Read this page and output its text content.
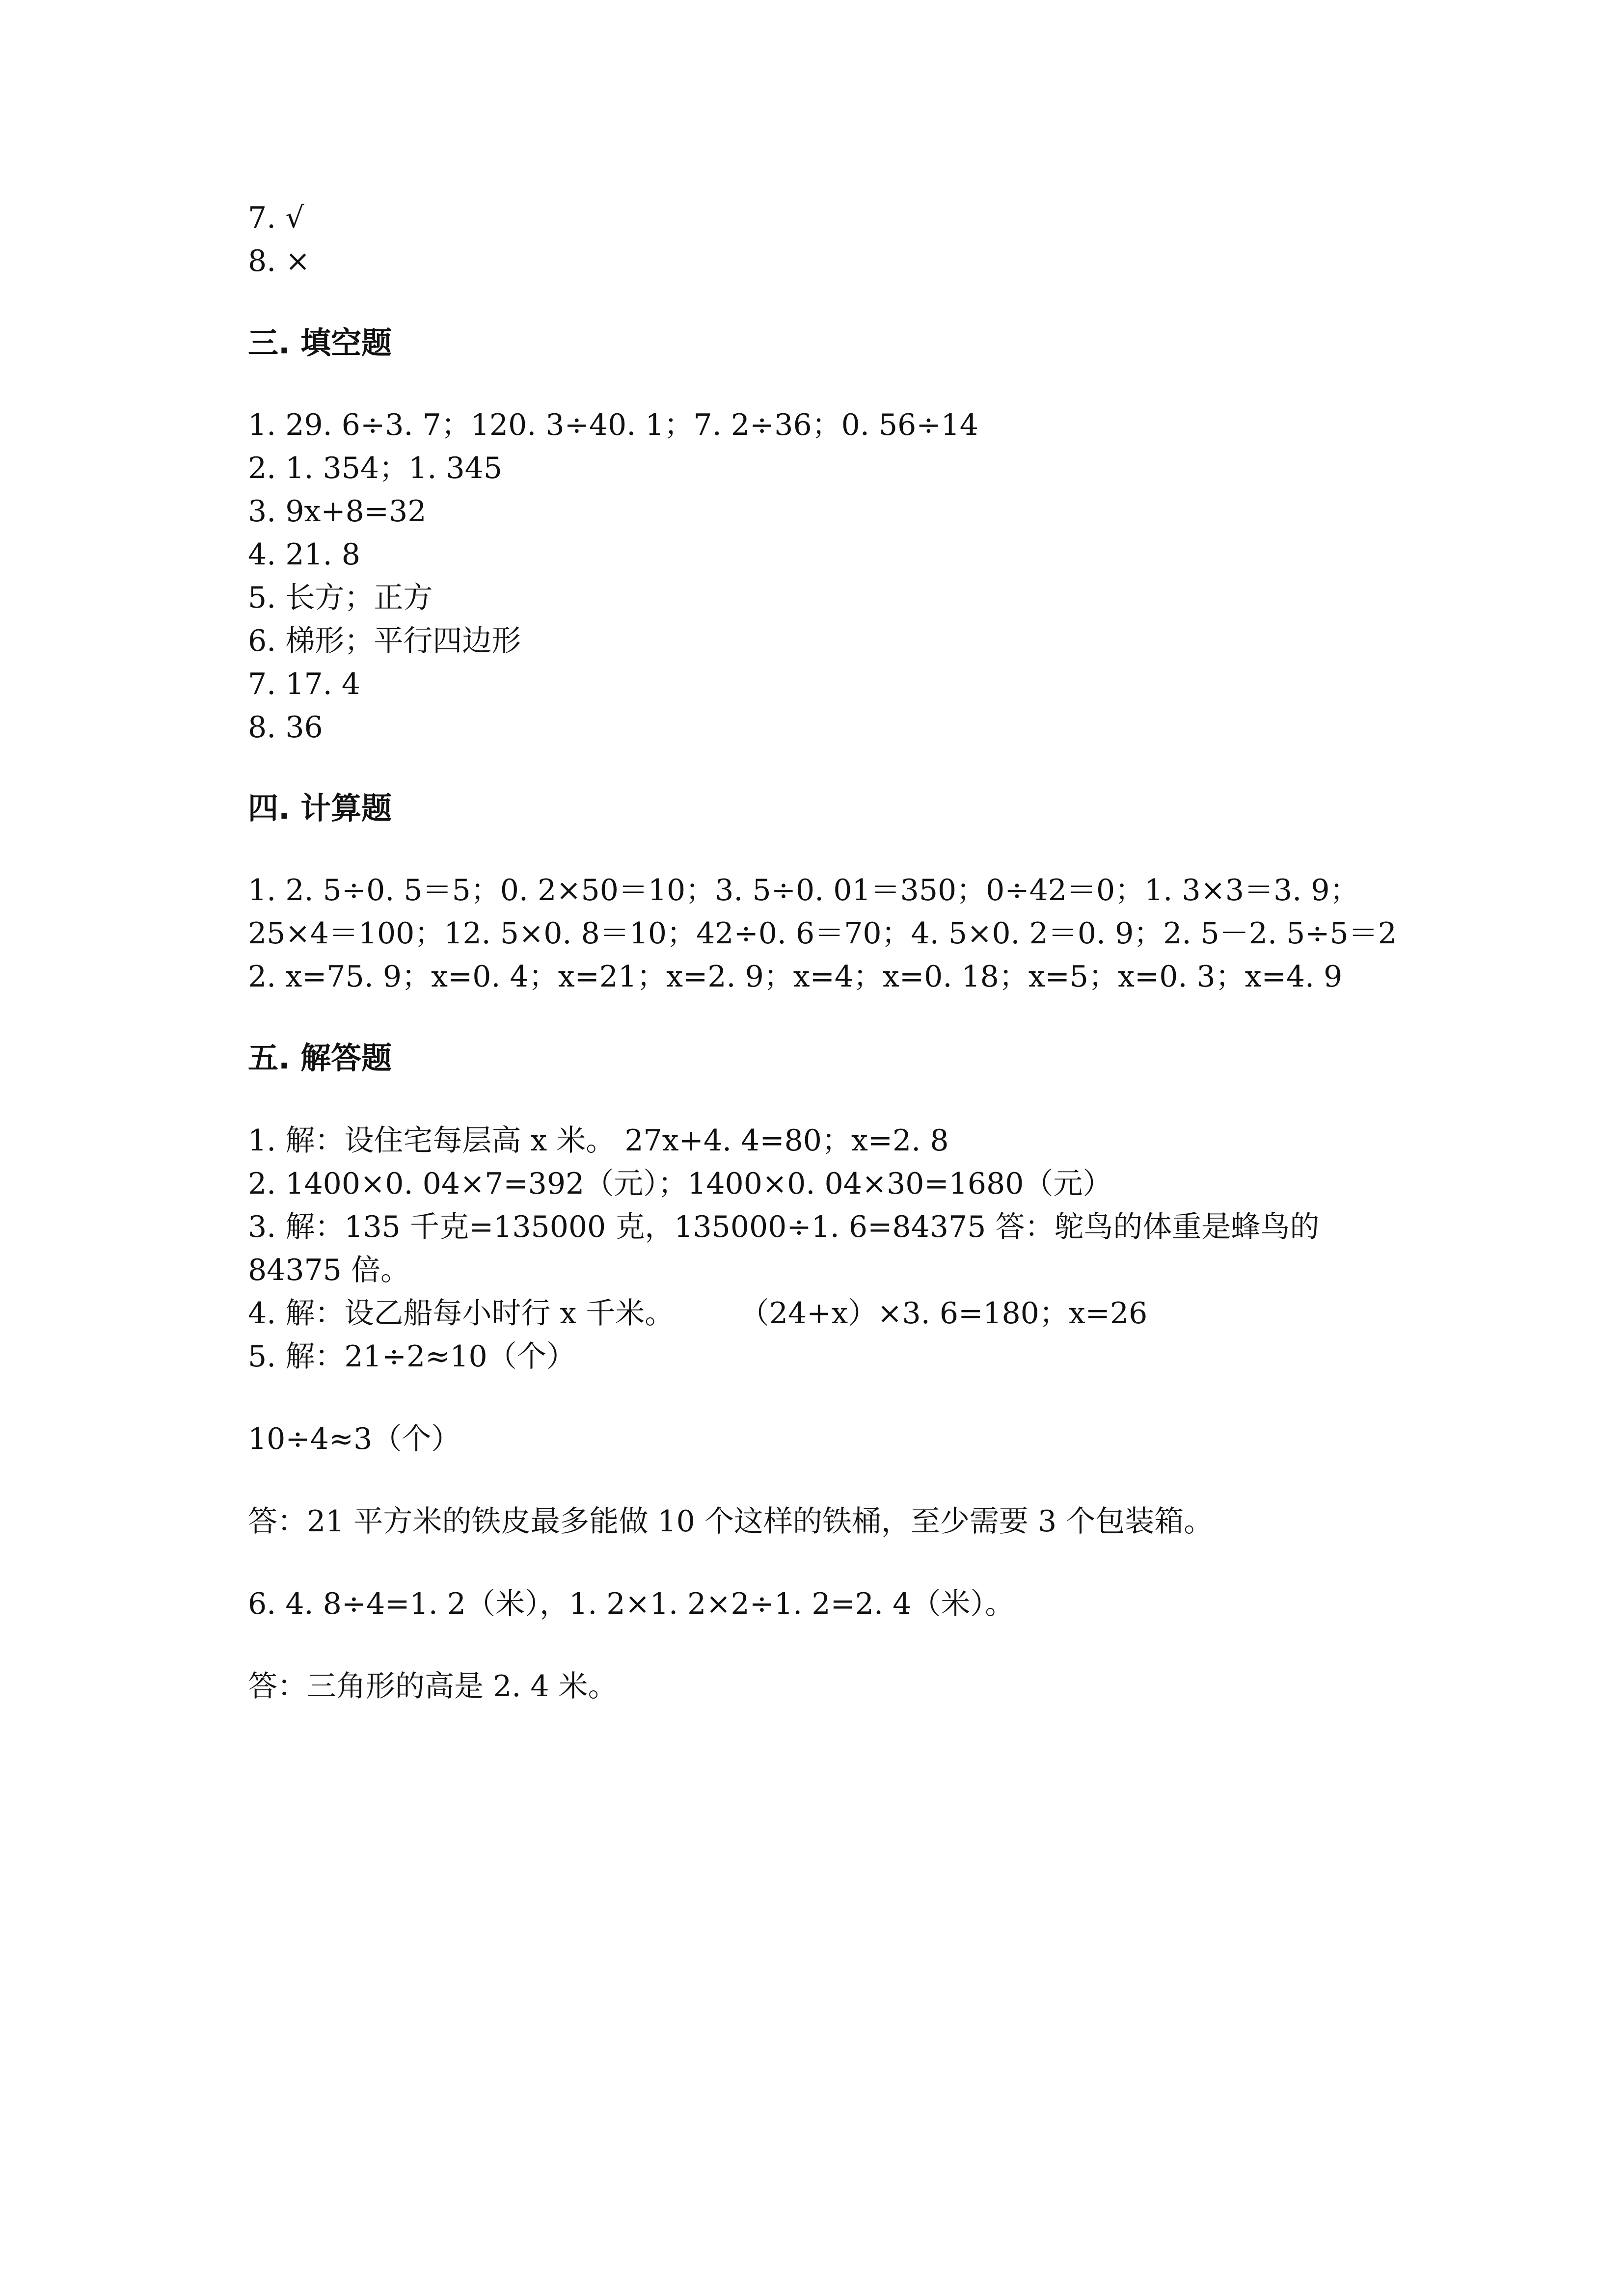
7. √
8. ×
三. 填空题
1. 29. 6÷3. 7；120. 3÷40. 1；7. 2÷36；0. 56÷14
2. 1. 354；1. 345
3. 9x+8=32
4. 21. 8
5. 长方；正方
6. 梯形；平行四边形
7. 17. 4
8. 36
四. 计算题
1. 2. 5÷0. 5＝5；0. 2×50＝10；3. 5÷0. 01＝350；0÷42＝0；1. 3×3＝3. 9；
25×4＝100；12. 5×0. 8＝10；42÷0. 6＝70；4. 5×0. 2＝0. 9；2. 5－2. 5÷5＝2
2. x=75. 9；x=0. 4；x=21；x=2. 9；x=4；x=0. 18；x=5；x=0. 3；x=4. 9
五. 解答题
1. 解：设住宅每层高 x 米。 27x+4. 4=80；x=2. 8
2. 1400×0. 04×7=392（元）；1400×0. 04×30=1680（元）
3. 解：135 千克=135000 克，135000÷1. 6=84375 答：鸵鸟的体重是蜂鸟的
84375 倍。
4. 解：设乙船每小时行 x 千米。       （24+x）×3. 6=180；x=26
5. 解：21÷2≈10（个）
10÷4≈3（个）
答：21 平方米的铁皮最多能做 10 个这样的铁桶，至少需要 3 个包装箱。
6. 4. 8÷4=1. 2（米），1. 2×1. 2×2÷1. 2=2. 4（米）。
答：三角形的高是 2. 4 米。
